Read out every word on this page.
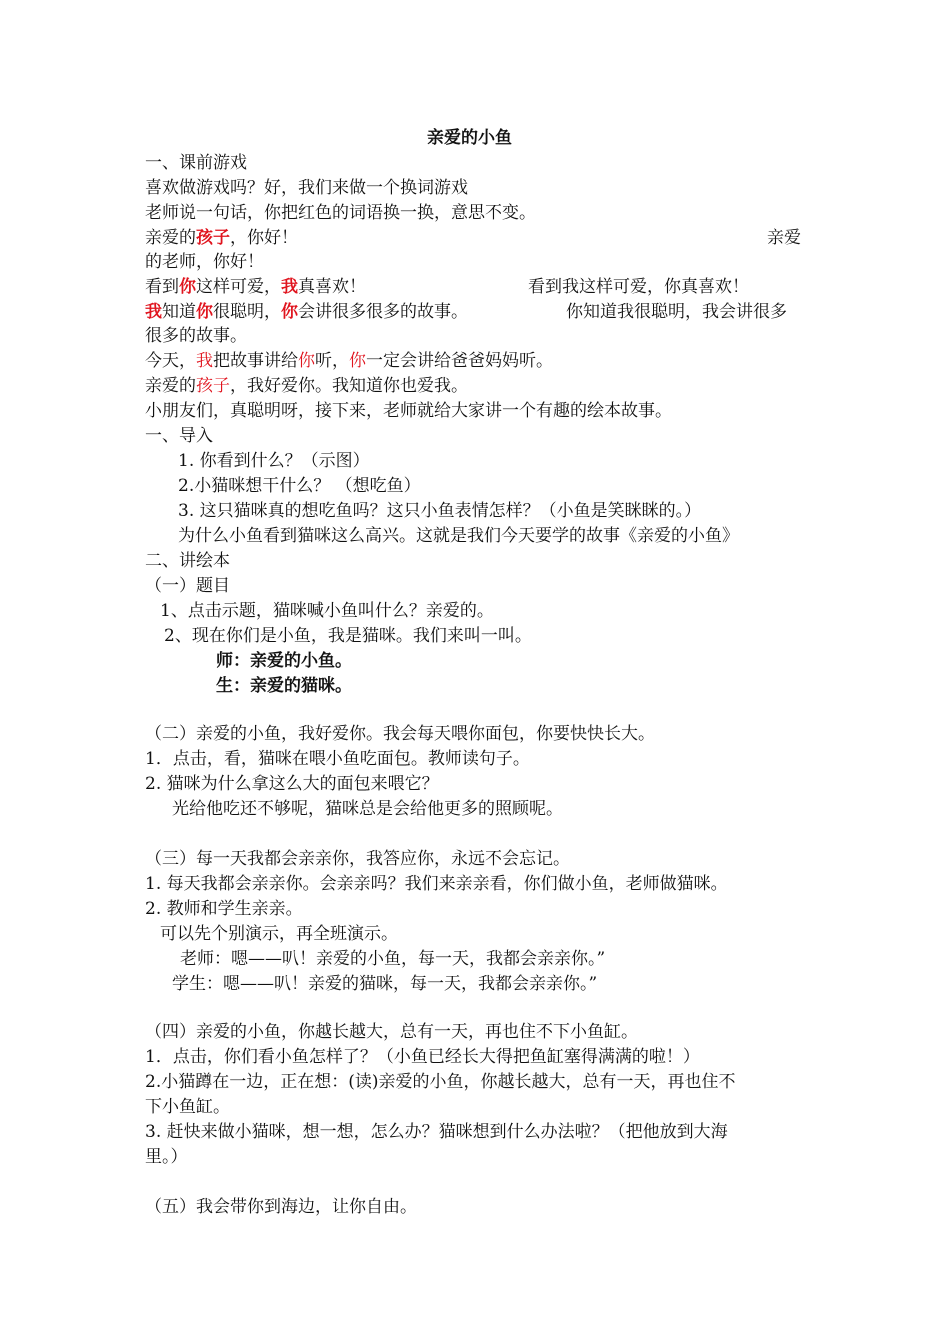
亲爱的小鱼
一、课前游戏
喜欢做游戏吗？好，我们来做一个换词游戏
老师说一句话，你把红色的词语换一换，意思不变。
亲爱的孩子，你好！	亲爱
的老师，你好！
看到你这样可爱，我真喜欢！	看到我这样可爱，你真喜欢！
我知道你很聪明，你会讲很多很多的故事。	你知道我很聪明，我会讲很多
很多的故事。
今天，我把故事讲给你听，你一定会讲给爸爸妈妈听。
亲爱的孩子，我好爱你。我知道你也爱我。
小朋友们，真聪明呀，接下来，老师就给大家讲一个有趣的绘本故事。
一、导入
1. 你看到什么？（示图）
2.小猫咪想干什么？ （想吃鱼）
3. 这只猫咪真的想吃鱼吗？这只小鱼表情怎样？（小鱼是笑眯眯的。）
为什么小鱼看到猫咪这么高兴。这就是我们今天要学的故事《亲爱的小鱼》
二、讲绘本
（一）题目
1、点击示题，猫咪喊小鱼叫什么？亲爱的。
2、现在你们是小鱼，我是猫咪。我们来叫一叫。
师：亲爱的小鱼。
生：亲爱的猫咪。
（二）亲爱的小鱼，我好爱你。我会每天喂你面包，你要快快长大。
1．点击，看，猫咪在喂小鱼吃面包。教师读句子。
2. 猫咪为什么拿这么大的面包来喂它？
光给他吃还不够呢，猫咪总是会给他更多的照顾呢。
（三）每一天我都会亲亲你，我答应你，永远不会忘记。
1. 每天我都会亲亲你。会亲亲吗？我们来亲亲看，你们做小鱼，老师做猫咪。
2. 教师和学生亲亲。
可以先个别演示，再全班演示。
老师：嗯——叭！亲爱的小鱼，每一天，我都会亲亲你。”
学生：嗯——叭！亲爱的猫咪，每一天，我都会亲亲你。”
（四）亲爱的小鱼，你越长越大，总有一天，再也住不下小鱼缸。
1．点击，你们看小鱼怎样了？（小鱼已经长大得把鱼缸塞得满满的啦！）
2.小猫蹲在一边，正在想：(读)亲爱的小鱼，你越长越大，总有一天，再也住不
下小鱼缸。
3. 赶快来做小猫咪，想一想，怎么办？猫咪想到什么办法啦？（把他放到大海
里。）
（五）我会带你到海边，让你自由。
